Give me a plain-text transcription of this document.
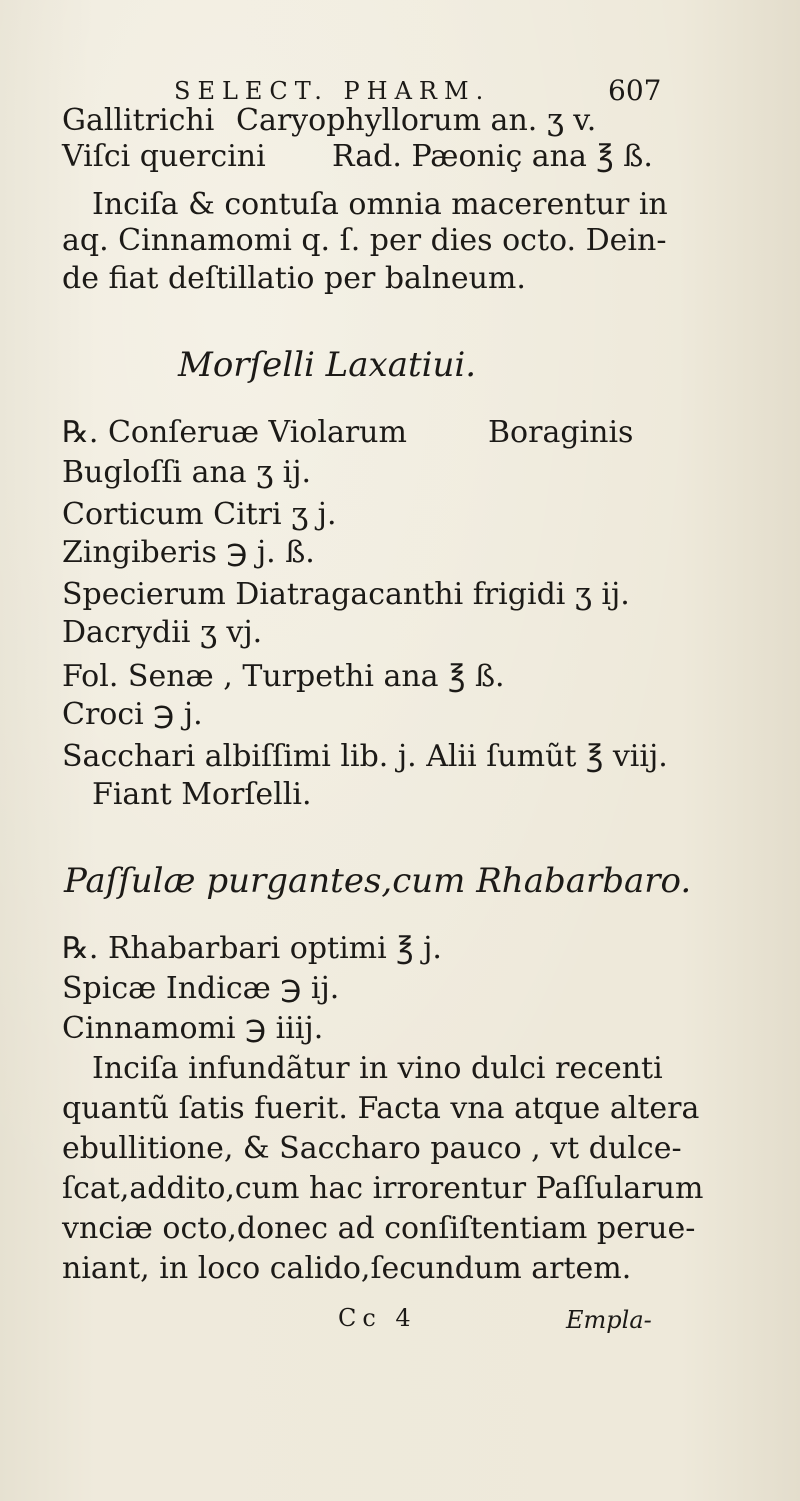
SELECT. PHARM.	607
Gallitrichi Caryophyllorum an. ʒ v.
Viſci quercini Rad. Pæoniç ana ℥ ß.
Inciſa & contuſa omnia macerentur in
aq. Cinnamomi q. ſ. per dies octo. Dein-
de fiat deſtillatio per balneum.
Morſelli Laxatiui.
℞. Conſeruæ Violarum	Boraginis
Bugloſſi ana ʒ ij.
Corticum Citri ʒ j.
Zingiberis ℈ j. ß.
Specierum Diatragacanthi frigidi ʒ ij.
Dacrydii ʒ vj.
Fol. Senæ , Turpethi ana ℥ ß.
Croci ℈ j.
Sacchari albiſſimi lib. j. Alii ſumũt ℥ viij.
Fiant Morſelli.
Paſſulæ purgantes,cum Rhabarbaro.
℞. Rhabarbari optimi ℥ j.
Spicæ Indicæ ℈ ij.
Cinnamomi ℈ iiij.
Inciſa infundãtur in vino dulci recenti
quantũ ſatis fuerit. Facta vna atque altera
ebullitione, & Saccharo pauco , vt dulce-
ſcat,addito,cum hac irrorentur Paſſularum
vnciæ octo,donec ad conſiſtentiam perue-
niant, in loco calido,ſecundum artem.
Cc 4	Empla-
